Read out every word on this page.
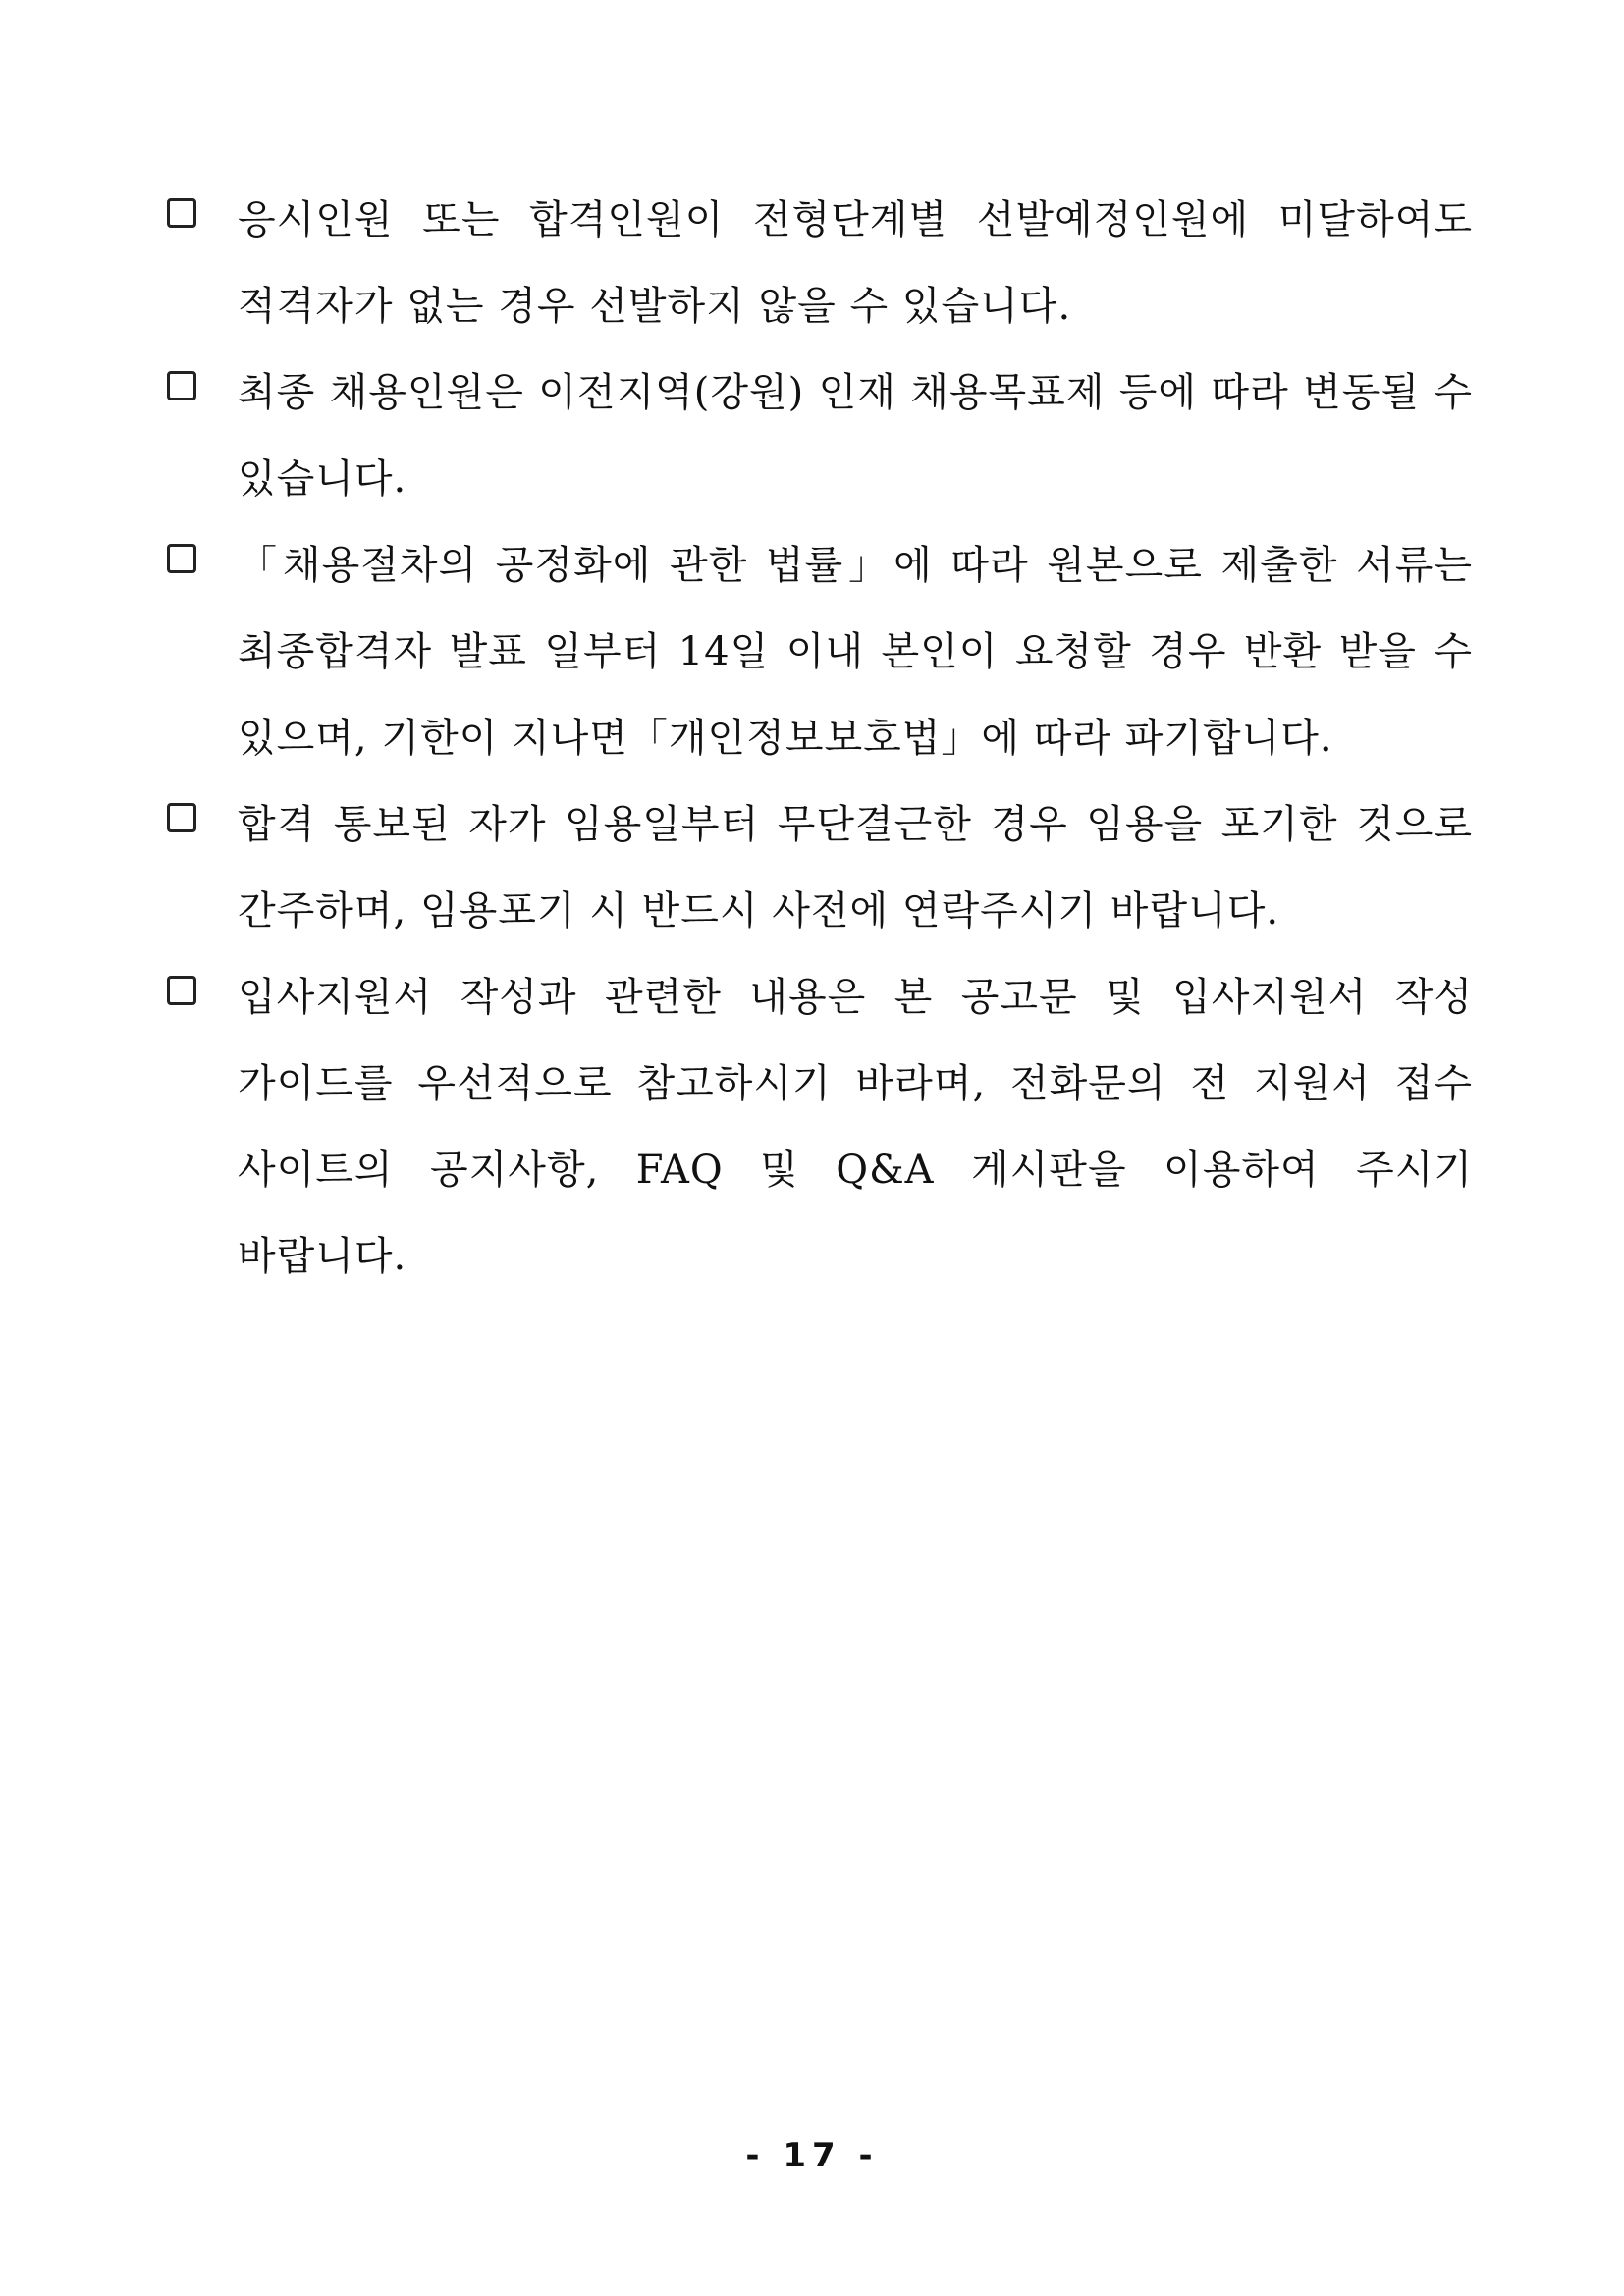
응시인원 또는 합격인원이 전형단계별 선발예정인원에 미달하여도 적격자가 없는 경우 선발하지 않을 수 있습니다.
최종 채용인원은 이전지역(강원) 인재 채용목표제 등에 따라 변동될 수 있습니다.
「채용절차의 공정화에 관한 법률」에 따라 원본으로 제출한 서류는 최종합격자 발표 일부터 14일 이내 본인이 요청할 경우 반환 받을 수 있으며, 기한이 지나면「개인정보보호법」에 따라 파기합니다.
합격 통보된 자가 임용일부터 무단결근한 경우 임용을 포기한 것으로 간주하며, 임용포기 시 반드시 사전에 연락주시기 바랍니다.
입사지원서 작성과 관련한 내용은 본 공고문 및 입사지원서 작성 가이드를 우선적으로 참고하시기 바라며, 전화문의 전 지원서 접수 사이트의 공지사항, FAQ 및 Q&A 게시판을 이용하여 주시기 바랍니다.
- 17 -
